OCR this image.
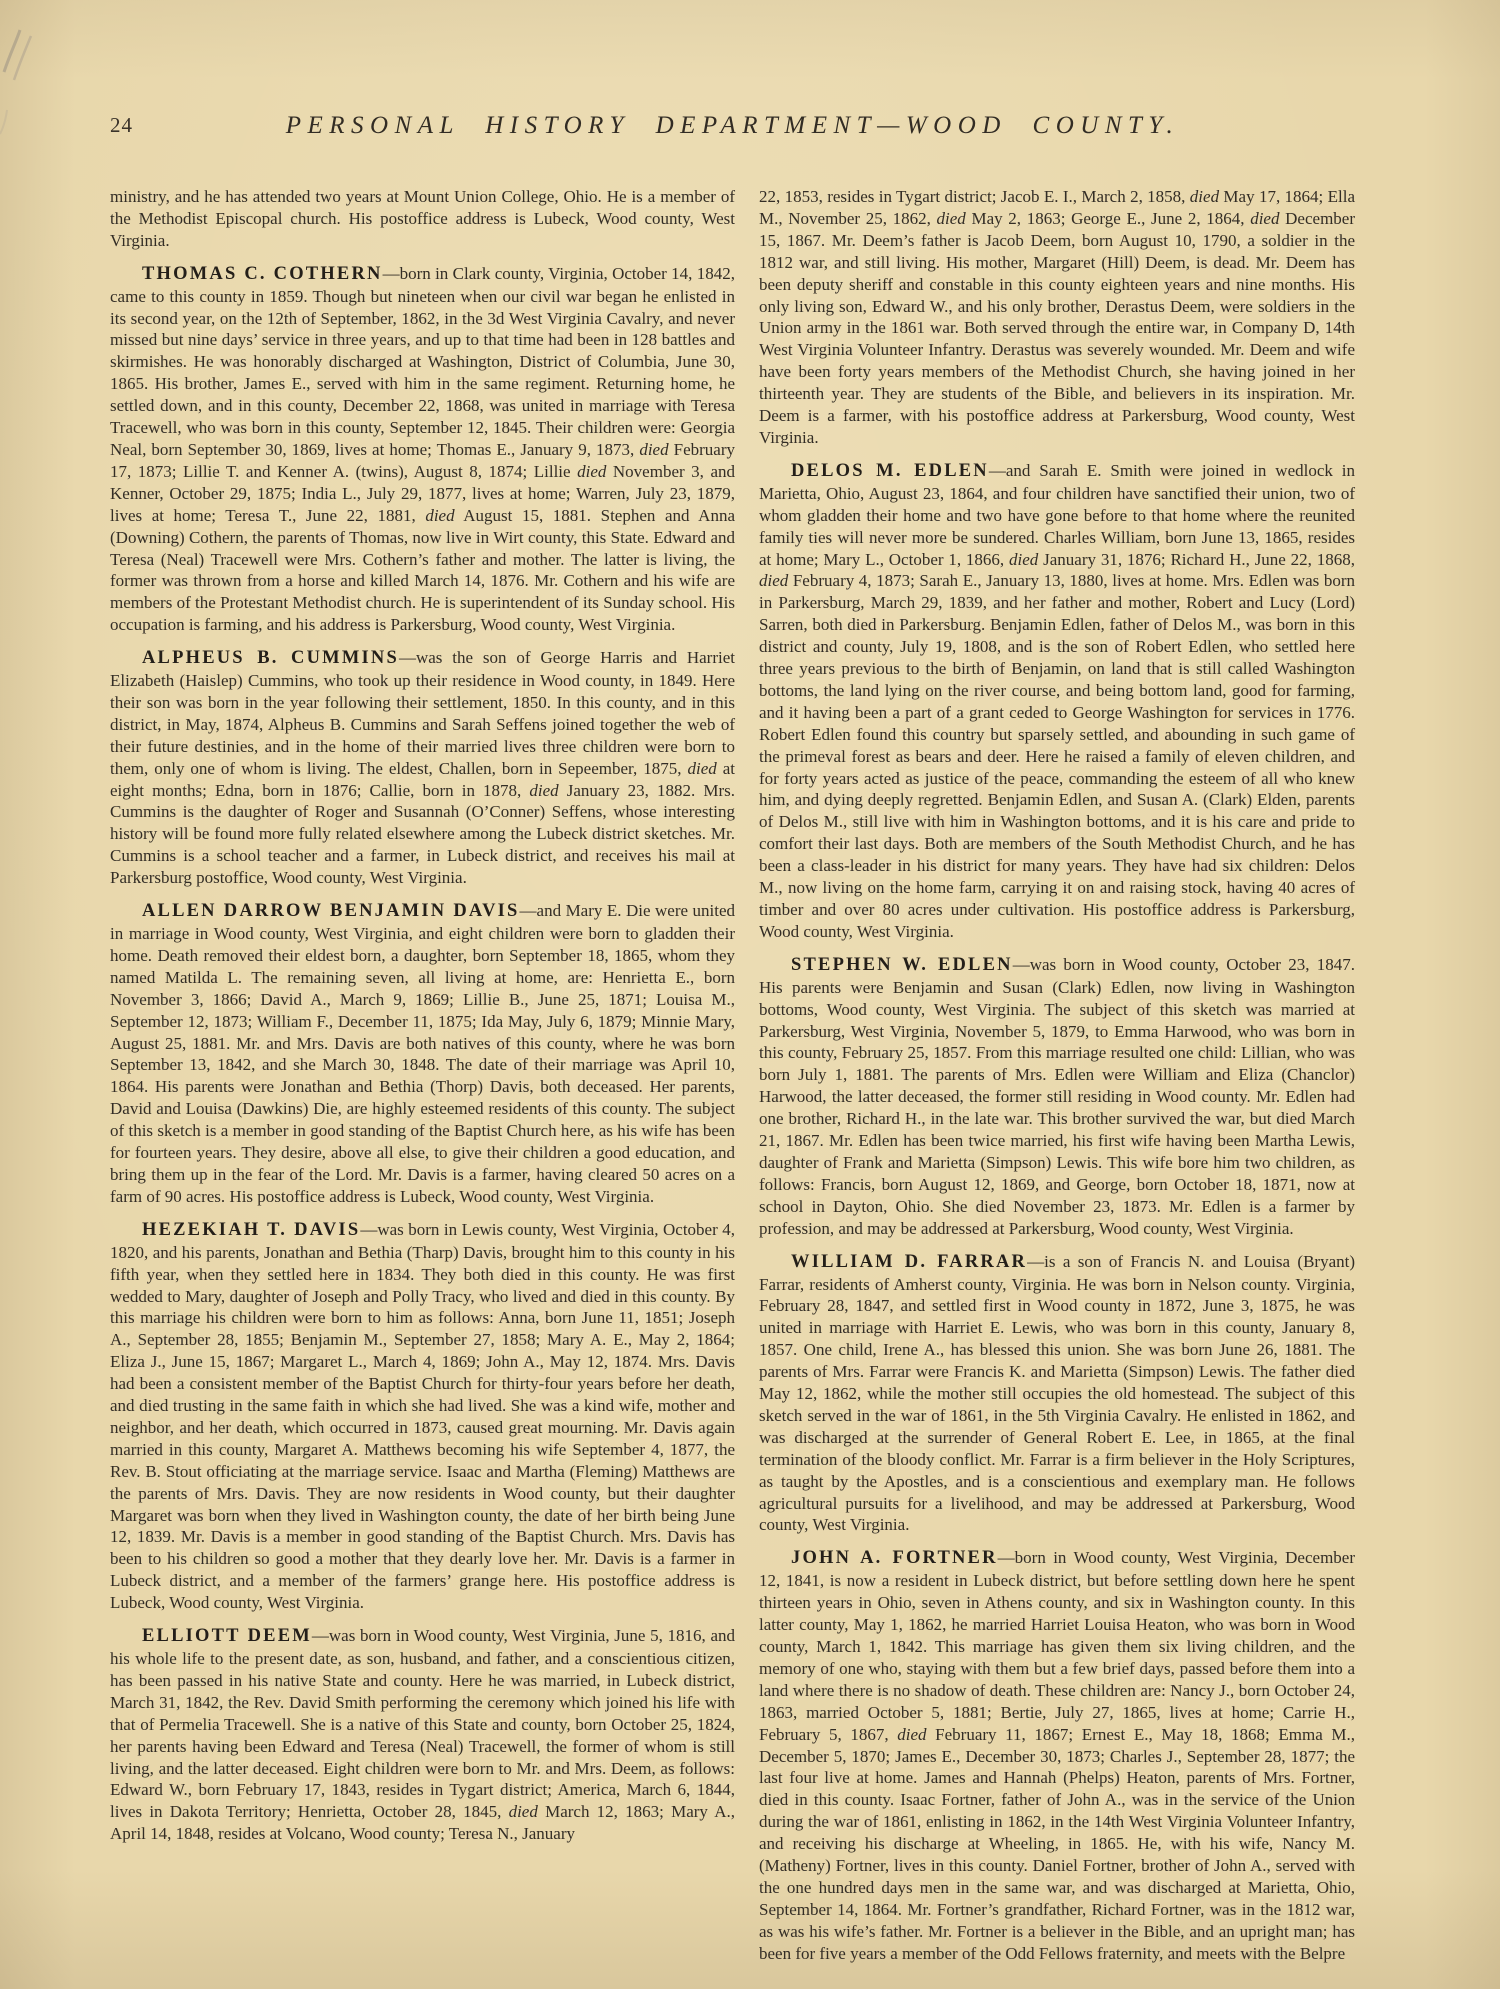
24	PERSONAL HISTORY DEPARTMENT—WOOD COUNTY.

ministry, and he has attended two years at Mount Union College, Ohio. He is a member of the Methodist Episcopal church. His postoffice address is Lubeck, Wood county, West Virginia.

THOMAS C. COTHERN—born in Clark county, Virginia, October 14, 1842, came to this county in 1859. Though but nineteen when our civil war began he enlisted in its second year, on the 12th of September, 1862, in the 3d West Virginia Cavalry, and never missed but nine days’ service in three years, and up to that time had been in 128 battles and skirmishes. He was honorably discharged at Washington, District of Columbia, June 30, 1865. His brother, James E., served with him in the same regiment. Returning home, he settled down, and in this county, December 22, 1868, was united in marriage with Teresa Tracewell, who was born in this county, September 12, 1845. Their children were: Georgia Neal, born September 30, 1869, lives at home; Thomas E., January 9, 1873, died February 17, 1873; Lillie T. and Kenner A. (twins), August 8, 1874; Lillie died November 3, and Kenner, October 29, 1875; India L., July 29, 1877, lives at home; Warren, July 23, 1879, lives at home; Teresa T., June 22, 1881, died August 15, 1881. Stephen and Anna (Downing) Cothern, the parents of Thomas, now live in Wirt county, this State. Edward and Teresa (Neal) Tracewell were Mrs. Cothern’s father and mother. The latter is living, the former was thrown from a horse and killed March 14, 1876. Mr. Cothern and his wife are members of the Protestant Methodist church. He is superintendent of its Sunday school. His occupation is farming, and his address is Parkersburg, Wood county, West Virginia.

ALPHEUS B. CUMMINS—was the son of George Harris and Harriet Elizabeth (Haislep) Cummins, who took up their residence in Wood county, in 1849. Here their son was born in the year following their settlement, 1850. In this county, and in this district, in May, 1874, Alpheus B. Cummins and Sarah Seffens joined together the web of their future destinies, and in the home of their married lives three children were born to them, only one of whom is living. The eldest, Challen, born in Sepeember, 1875, died at eight months; Edna, born in 1876; Callie, born in 1878, died January 23, 1882. Mrs. Cummins is the daughter of Roger and Susannah (O’Conner) Seffens, whose interesting history will be found more fully related elsewhere among the Lubeck district sketches. Mr. Cummins is a school teacher and a farmer, in Lubeck district, and receives his mail at Parkersburg postoffice, Wood county, West Virginia.

ALLEN DARROW BENJAMIN DAVIS—and Mary E. Die were united in marriage in Wood county, West Virginia, and eight children were born to gladden their home. Death removed their eldest born, a daughter, born September 18, 1865, whom they named Matilda L. The remaining seven, all living at home, are: Henrietta E., born November 3, 1866; David A., March 9, 1869; Lillie B., June 25, 1871; Louisa M., September 12, 1873; William F., December 11, 1875; Ida May, July 6, 1879; Minnie Mary, August 25, 1881. Mr. and Mrs. Davis are both natives of this county, where he was born September 13, 1842, and she March 30, 1848. The date of their marriage was April 10, 1864. His parents were Jonathan and Bethia (Thorp) Davis, both deceased. Her parents, David and Louisa (Dawkins) Die, are highly esteemed residents of this county. The subject of this sketch is a member in good standing of the Baptist Church here, as his wife has been for fourteen years. They desire, above all else, to give their children a good education, and bring them up in the fear of the Lord. Mr. Davis is a farmer, having cleared 50 acres on a farm of 90 acres. His postoffice address is Lubeck, Wood county, West Virginia.

HEZEKIAH T. DAVIS—was born in Lewis county, West Virginia, October 4, 1820, and his parents, Jonathan and Bethia (Tharp) Davis, brought him to this county in his fifth year, when they settled here in 1834. They both died in this county. He was first wedded to Mary, daughter of Joseph and Polly Tracy, who lived and died in this county. By this marriage his children were born to him as follows: Anna, born June 11, 1851; Joseph A., September 28, 1855; Benjamin M., September 27, 1858; Mary A. E., May 2, 1864; Eliza J., June 15, 1867; Margaret L., March 4, 1869; John A., May 12, 1874. Mrs. Davis had been a consistent member of the Baptist Church for thirty-four years before her death, and died trusting in the same faith in which she had lived. She was a kind wife, mother and neighbor, and her death, which occurred in 1873, caused great mourning. Mr. Davis again married in this county, Margaret A. Matthews becoming his wife September 4, 1877, the Rev. B. Stout officiating at the marriage service. Isaac and Martha (Fleming) Matthews are the parents of Mrs. Davis. They are now residents in Wood county, but their daughter Margaret was born when they lived in Washington county, the date of her birth being June 12, 1839. Mr. Davis is a member in good standing of the Baptist Church. Mrs. Davis has been to his children so good a mother that they dearly love her. Mr. Davis is a farmer in Lubeck district, and a member of the farmers’ grange here. His postoffice address is Lubeck, Wood county, West Virginia.

ELLIOTT DEEM—was born in Wood county, West Virginia, June 5, 1816, and his whole life to the present date, as son, husband, and father, and a conscientious citizen, has been passed in his native State and county. Here he was married, in Lubeck district, March 31, 1842, the Rev. David Smith performing the ceremony which joined his life with that of Permelia Tracewell. She is a native of this State and county, born October 25, 1824, her parents having been Edward and Teresa (Neal) Tracewell, the former of whom is still living, and the latter deceased. Eight children were born to Mr. and Mrs. Deem, as follows: Edward W., born February 17, 1843, resides in Tygart district; America, March 6, 1844, lives in Dakota Territory; Henrietta, October 28, 1845, died March 12, 1863; Mary A., April 14, 1848, resides at Volcano, Wood county; Teresa N., January

22, 1853, resides in Tygart district; Jacob E. I., March 2, 1858, died May 17, 1864; Ella M., November 25, 1862, died May 2, 1863; George E., June 2, 1864, died December 15, 1867. Mr. Deem’s father is Jacob Deem, born August 10, 1790, a soldier in the 1812 war, and still living. His mother, Margaret (Hill) Deem, is dead. Mr. Deem has been deputy sheriff and constable in this county eighteen years and nine months. His only living son, Edward W., and his only brother, Derastus Deem, were soldiers in the Union army in the 1861 war. Both served through the entire war, in Company D, 14th West Virginia Volunteer Infantry. Derastus was severely wounded. Mr. Deem and wife have been forty years members of the Methodist Church, she having joined in her thirteenth year. They are students of the Bible, and believers in its inspiration. Mr. Deem is a farmer, with his postoffice address at Parkersburg, Wood county, West Virginia.

DELOS M. EDLEN—and Sarah E. Smith were joined in wedlock in Marietta, Ohio, August 23, 1864, and four children have sanctified their union, two of whom gladden their home and two have gone before to that home where the reunited family ties will never more be sundered. Charles William, born June 13, 1865, resides at home; Mary L., October 1, 1866, died January 31, 1876; Richard H., June 22, 1868, died February 4, 1873; Sarah E., January 13, 1880, lives at home. Mrs. Edlen was born in Parkersburg, March 29, 1839, and her father and mother, Robert and Lucy (Lord) Sarren, both died in Parkersburg. Benjamin Edlen, father of Delos M., was born in this district and county, July 19, 1808, and is the son of Robert Edlen, who settled here three years previous to the birth of Benjamin, on land that is still called Washington bottoms, the land lying on the river course, and being bottom land, good for farming, and it having been a part of a grant ceded to George Washington for services in 1776. Robert Edlen found this country but sparsely settled, and abounding in such game of the primeval forest as bears and deer. Here he raised a family of eleven children, and for forty years acted as justice of the peace, commanding the esteem of all who knew him, and dying deeply regretted. Benjamin Edlen, and Susan A. (Clark) Elden, parents of Delos M., still live with him in Washington bottoms, and it is his care and pride to comfort their last days. Both are members of the South Methodist Church, and he has been a class-leader in his district for many years. They have had six children: Delos M., now living on the home farm, carrying it on and raising stock, having 40 acres of timber and over 80 acres under cultivation. His postoffice address is Parkersburg, Wood county, West Virginia.

STEPHEN W. EDLEN—was born in Wood county, October 23, 1847. His parents were Benjamin and Susan (Clark) Edlen, now living in Washington bottoms, Wood county, West Virginia. The subject of this sketch was married at Parkersburg, West Virginia, November 5, 1879, to Emma Harwood, who was born in this county, February 25, 1857. From this marriage resulted one child: Lillian, who was born July 1, 1881. The parents of Mrs. Edlen were William and Eliza (Chanclor) Harwood, the latter deceased, the former still residing in Wood county. Mr. Edlen had one brother, Richard H., in the late war. This brother survived the war, but died March 21, 1867. Mr. Edlen has been twice married, his first wife having been Martha Lewis, daughter of Frank and Marietta (Simpson) Lewis. This wife bore him two children, as follows: Francis, born August 12, 1869, and George, born October 18, 1871, now at school in Dayton, Ohio. She died November 23, 1873. Mr. Edlen is a farmer by profession, and may be addressed at Parkersburg, Wood county, West Virginia.

WILLIAM D. FARRAR—is a son of Francis N. and Louisa (Bryant) Farrar, residents of Amherst county, Virginia. He was born in Nelson county. Virginia, February 28, 1847, and settled first in Wood county in 1872, June 3, 1875, he was united in marriage with Harriet E. Lewis, who was born in this county, January 8, 1857. One child, Irene A., has blessed this union. She was born June 26, 1881. The parents of Mrs. Farrar were Francis K. and Marietta (Simpson) Lewis. The father died May 12, 1862, while the mother still occupies the old homestead. The subject of this sketch served in the war of 1861, in the 5th Virginia Cavalry. He enlisted in 1862, and was discharged at the surrender of General Robert E. Lee, in 1865, at the final termination of the bloody conflict. Mr. Farrar is a firm believer in the Holy Scriptures, as taught by the Apostles, and is a conscientious and exemplary man. He follows agricultural pursuits for a livelihood, and may be addressed at Parkersburg, Wood county, West Virginia.

JOHN A. FORTNER—born in Wood county, West Virginia, December 12, 1841, is now a resident in Lubeck district, but before settling down here he spent thirteen years in Ohio, seven in Athens county, and six in Washington county. In this latter county, May 1, 1862, he married Harriet Louisa Heaton, who was born in Wood county, March 1, 1842. This marriage has given them six living children, and the memory of one who, staying with them but a few brief days, passed before them into a land where there is no shadow of death. These children are: Nancy J., born October 24, 1863, married October 5, 1881; Bertie, July 27, 1865, lives at home; Carrie H., February 5, 1867, died February 11, 1867; Ernest E., May 18, 1868; Emma M., December 5, 1870; James E., December 30, 1873; Charles J., September 28, 1877; the last four live at home. James and Hannah (Phelps) Heaton, parents of Mrs. Fortner, died in this county. Isaac Fortner, father of John A., was in the service of the Union during the war of 1861, enlisting in 1862, in the 14th West Virginia Volunteer Infantry, and receiving his discharge at Wheeling, in 1865. He, with his wife, Nancy M. (Matheny) Fortner, lives in this county. Daniel Fortner, brother of John A., served with the one hundred days men in the same war, and was discharged at Marietta, Ohio, September 14, 1864. Mr. Fortner’s grandfather, Richard Fortner, was in the 1812 war, as was his wife’s father. Mr. Fortner is a believer in the Bible, and an upright man; has been for five years a member of the Odd Fellows fraternity, and meets with the Belpre
